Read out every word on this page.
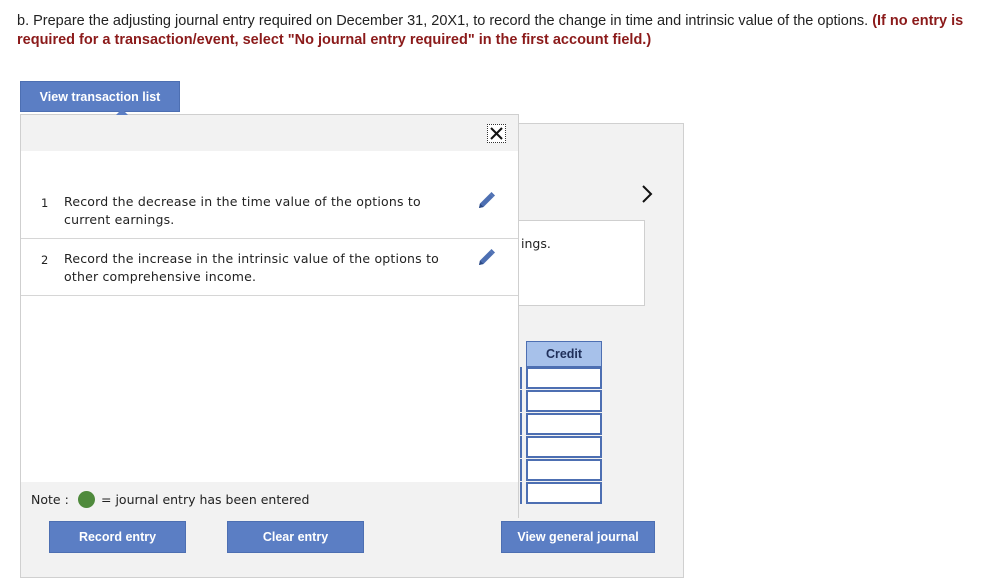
b. Prepare the adjusting journal entry required on December 31, 20X1, to record the change in time and intrinsic value of the options. (If no entry is required for a transaction/event, select "No journal entry required" in the first account field.)
View transaction list
ings.
Credit
1 Record the decrease in the time value of the options to current earnings.
2 Record the increase in the intrinsic value of the options to other comprehensive income.
Note :	= journal entry has been entered
Record entry	Clear entry	View general journal
